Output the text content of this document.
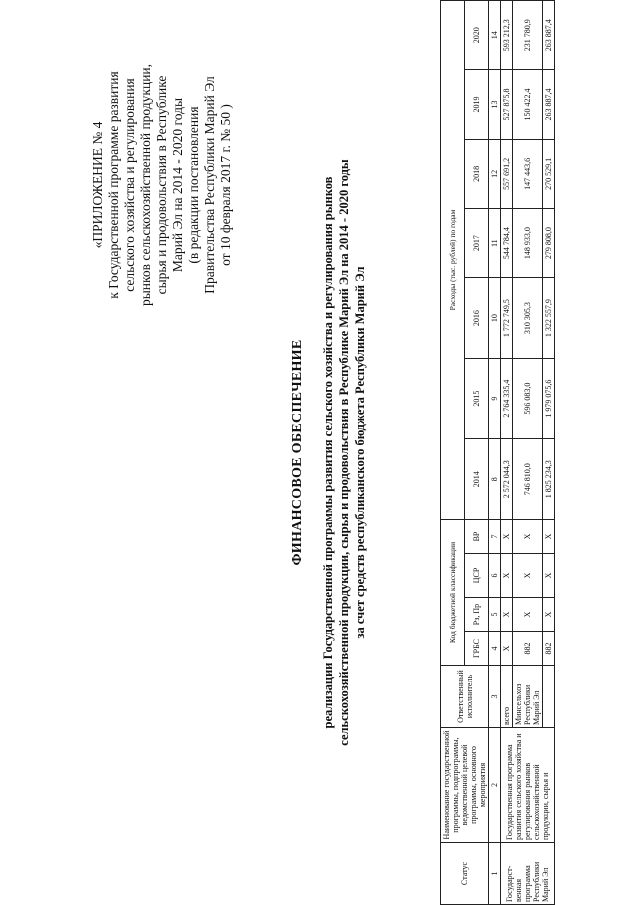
«ПРИЛОЖЕНИЕ № 4 к Государственной программе развития сельского хозяйства и регулирования рынков сельскохозяйственной продукции, сырья и продовольствия в Республике Марий Эл на 2014 - 2020 годы (в редакции постановления Правительства Республики Марий Эл от 10 февраля 2017 г. № 50 )
ФИНАНСОВОЕ ОБЕСПЕЧЕНИЕ реализации Государственной программы развития сельского хозяйства и регулирования рынков сельскохозяйственной продукции, сырья и продовольствия в Республике Марий Эл на 2014 - 2020 годы за счет средств республиканского бюджета Республики Марий Эл
Статус	Наименование государственной программы, подпрограммы, ведомственной целевой программы, основного мероприятия	Ответственный исполнитель	Код бюджетной классификации				Расходы (тыс. рублей) по годам						
			ГРБС	Рз, Пр	ЦСР	ВР	2014	2015	2016	2017	2018	2019	2020
1	2	3	4	5	6	7	8	9	10	11	12	13	14
Государст-венная программа Республики Марий Эл	Государственная программа развития сельского хозяйства и регулирования рынков сельскохозяйственной продукции, сырья и	всего	X	X	X	X	2 572 044,3	2 764 335,4	1 772 749,5	544 784,4	557 691,2	527 875,8	593 212,3
		Минсельхоз Республики Марий Эл	882	X	X	X	746 810,0	596 083,0	310 305,3	148 933,0	147 443,6	150 422,4	231 780,9
			882	X	X	X	1 825 234,3	1 979 075,6	1 322 557,9	279 808,0	270 529,1	263 887,4	263 887,4
